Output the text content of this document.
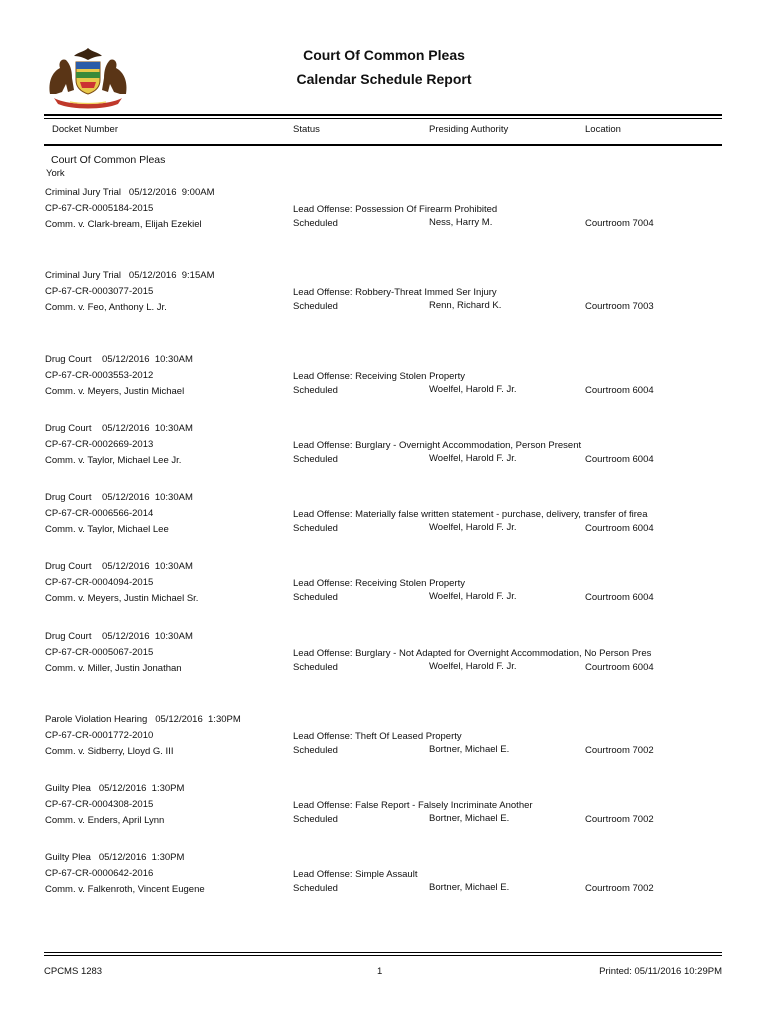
Court Of Common Pleas
Calendar Schedule Report
Docket Number	Status	Presiding Authority	Location
Court Of Common Pleas
York
Criminal Jury Trial   05/12/2016  9:00AM
CP-67-CR-0005184-2015
Comm. v. Clark-bream, Elijah Ezekiel
Lead Offense: Possession Of Firearm Prohibited
Scheduled	Ness, Harry M.	Courtroom 7004
Criminal Jury Trial   05/12/2016  9:15AM
CP-67-CR-0003077-2015
Comm. v. Feo, Anthony L. Jr.
Lead Offense: Robbery-Threat Immed Ser Injury
Scheduled	Renn, Richard K.	Courtroom 7003
Drug Court    05/12/2016  10:30AM
CP-67-CR-0003553-2012
Comm. v. Meyers, Justin Michael
Lead Offense: Receiving Stolen Property
Scheduled	Woelfel, Harold F. Jr.	Courtroom 6004
Drug Court    05/12/2016  10:30AM
CP-67-CR-0002669-2013
Comm. v. Taylor, Michael Lee Jr.
Lead Offense: Burglary - Overnight Accommodation, Person Present
Scheduled	Woelfel, Harold F. Jr.	Courtroom 6004
Drug Court    05/12/2016  10:30AM
CP-67-CR-0006566-2014
Comm. v. Taylor, Michael Lee
Lead Offense: Materially false written statement - purchase, delivery, transfer of firea
Scheduled	Woelfel, Harold F. Jr.	Courtroom 6004
Drug Court    05/12/2016  10:30AM
CP-67-CR-0004094-2015
Comm. v. Meyers, Justin Michael Sr.
Lead Offense: Receiving Stolen Property
Scheduled	Woelfel, Harold F. Jr.	Courtroom 6004
Drug Court    05/12/2016  10:30AM
CP-67-CR-0005067-2015
Comm. v. Miller, Justin Jonathan
Lead Offense: Burglary - Not Adapted for Overnight Accommodation, No Person Pres
Scheduled	Woelfel, Harold F. Jr.	Courtroom 6004
Parole Violation Hearing   05/12/2016  1:30PM
CP-67-CR-0001772-2010
Comm. v. Sidberry, Lloyd G. III
Lead Offense: Theft Of Leased Property
Scheduled	Bortner, Michael E.	Courtroom 7002
Guilty Plea   05/12/2016  1:30PM
CP-67-CR-0004308-2015
Comm. v. Enders, April Lynn
Lead Offense: False Report - Falsely Incriminate Another
Scheduled	Bortner, Michael E.	Courtroom 7002
Guilty Plea   05/12/2016  1:30PM
CP-67-CR-0000642-2016
Comm. v. Falkenroth, Vincent Eugene
Lead Offense: Simple Assault
Scheduled	Bortner, Michael E.	Courtroom 7002
CPCMS 1283	1	Printed: 05/11/2016 10:29PM
